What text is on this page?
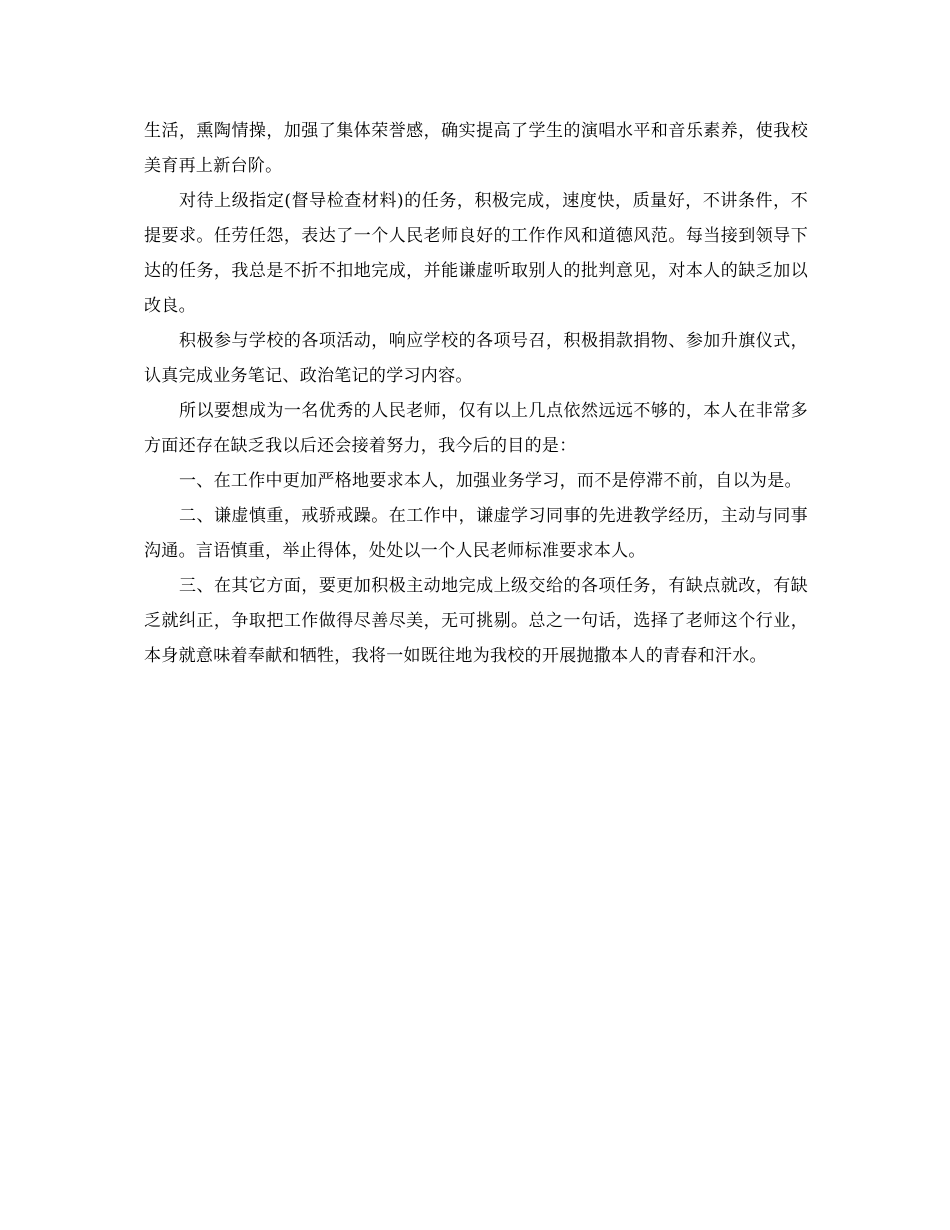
生活，熏陶情操，加强了集体荣誉感，确实提高了学生的演唱水平和音乐素养，使我校美育再上新台阶。

对待上级指定(督导检查材料)的任务，积极完成，速度快，质量好，不讲条件，不提要求。任劳任怨，表达了一个人民老师良好的工作作风和道德风范。每当接到领导下达的任务，我总是不折不扣地完成，并能谦虚听取别人的批判意见，对本人的缺乏加以改良。

积极参与学校的各项活动，响应学校的各项号召，积极捐款捐物、参加升旗仪式，认真完成业务笔记、政治笔记的学习内容。

所以要想成为一名优秀的人民老师，仅有以上几点依然远远不够的，本人在非常多方面还存在缺乏我以后还会接着努力，我今后的目的是：

一、在工作中更加严格地要求本人，加强业务学习，而不是停滞不前，自以为是。

二、谦虚慎重，戒骄戒躁。在工作中，谦虚学习同事的先进教学经历，主动与同事沟通。言语慎重，举止得体，处处以一个人民老师标准要求本人。

三、在其它方面，要更加积极主动地完成上级交给的各项任务，有缺点就改，有缺乏就纠正，争取把工作做得尽善尽美，无可挑剔。总之一句话，选择了老师这个行业，本身就意味着奉献和牺牲，我将一如既往地为我校的开展抛撒本人的青春和汗水。
